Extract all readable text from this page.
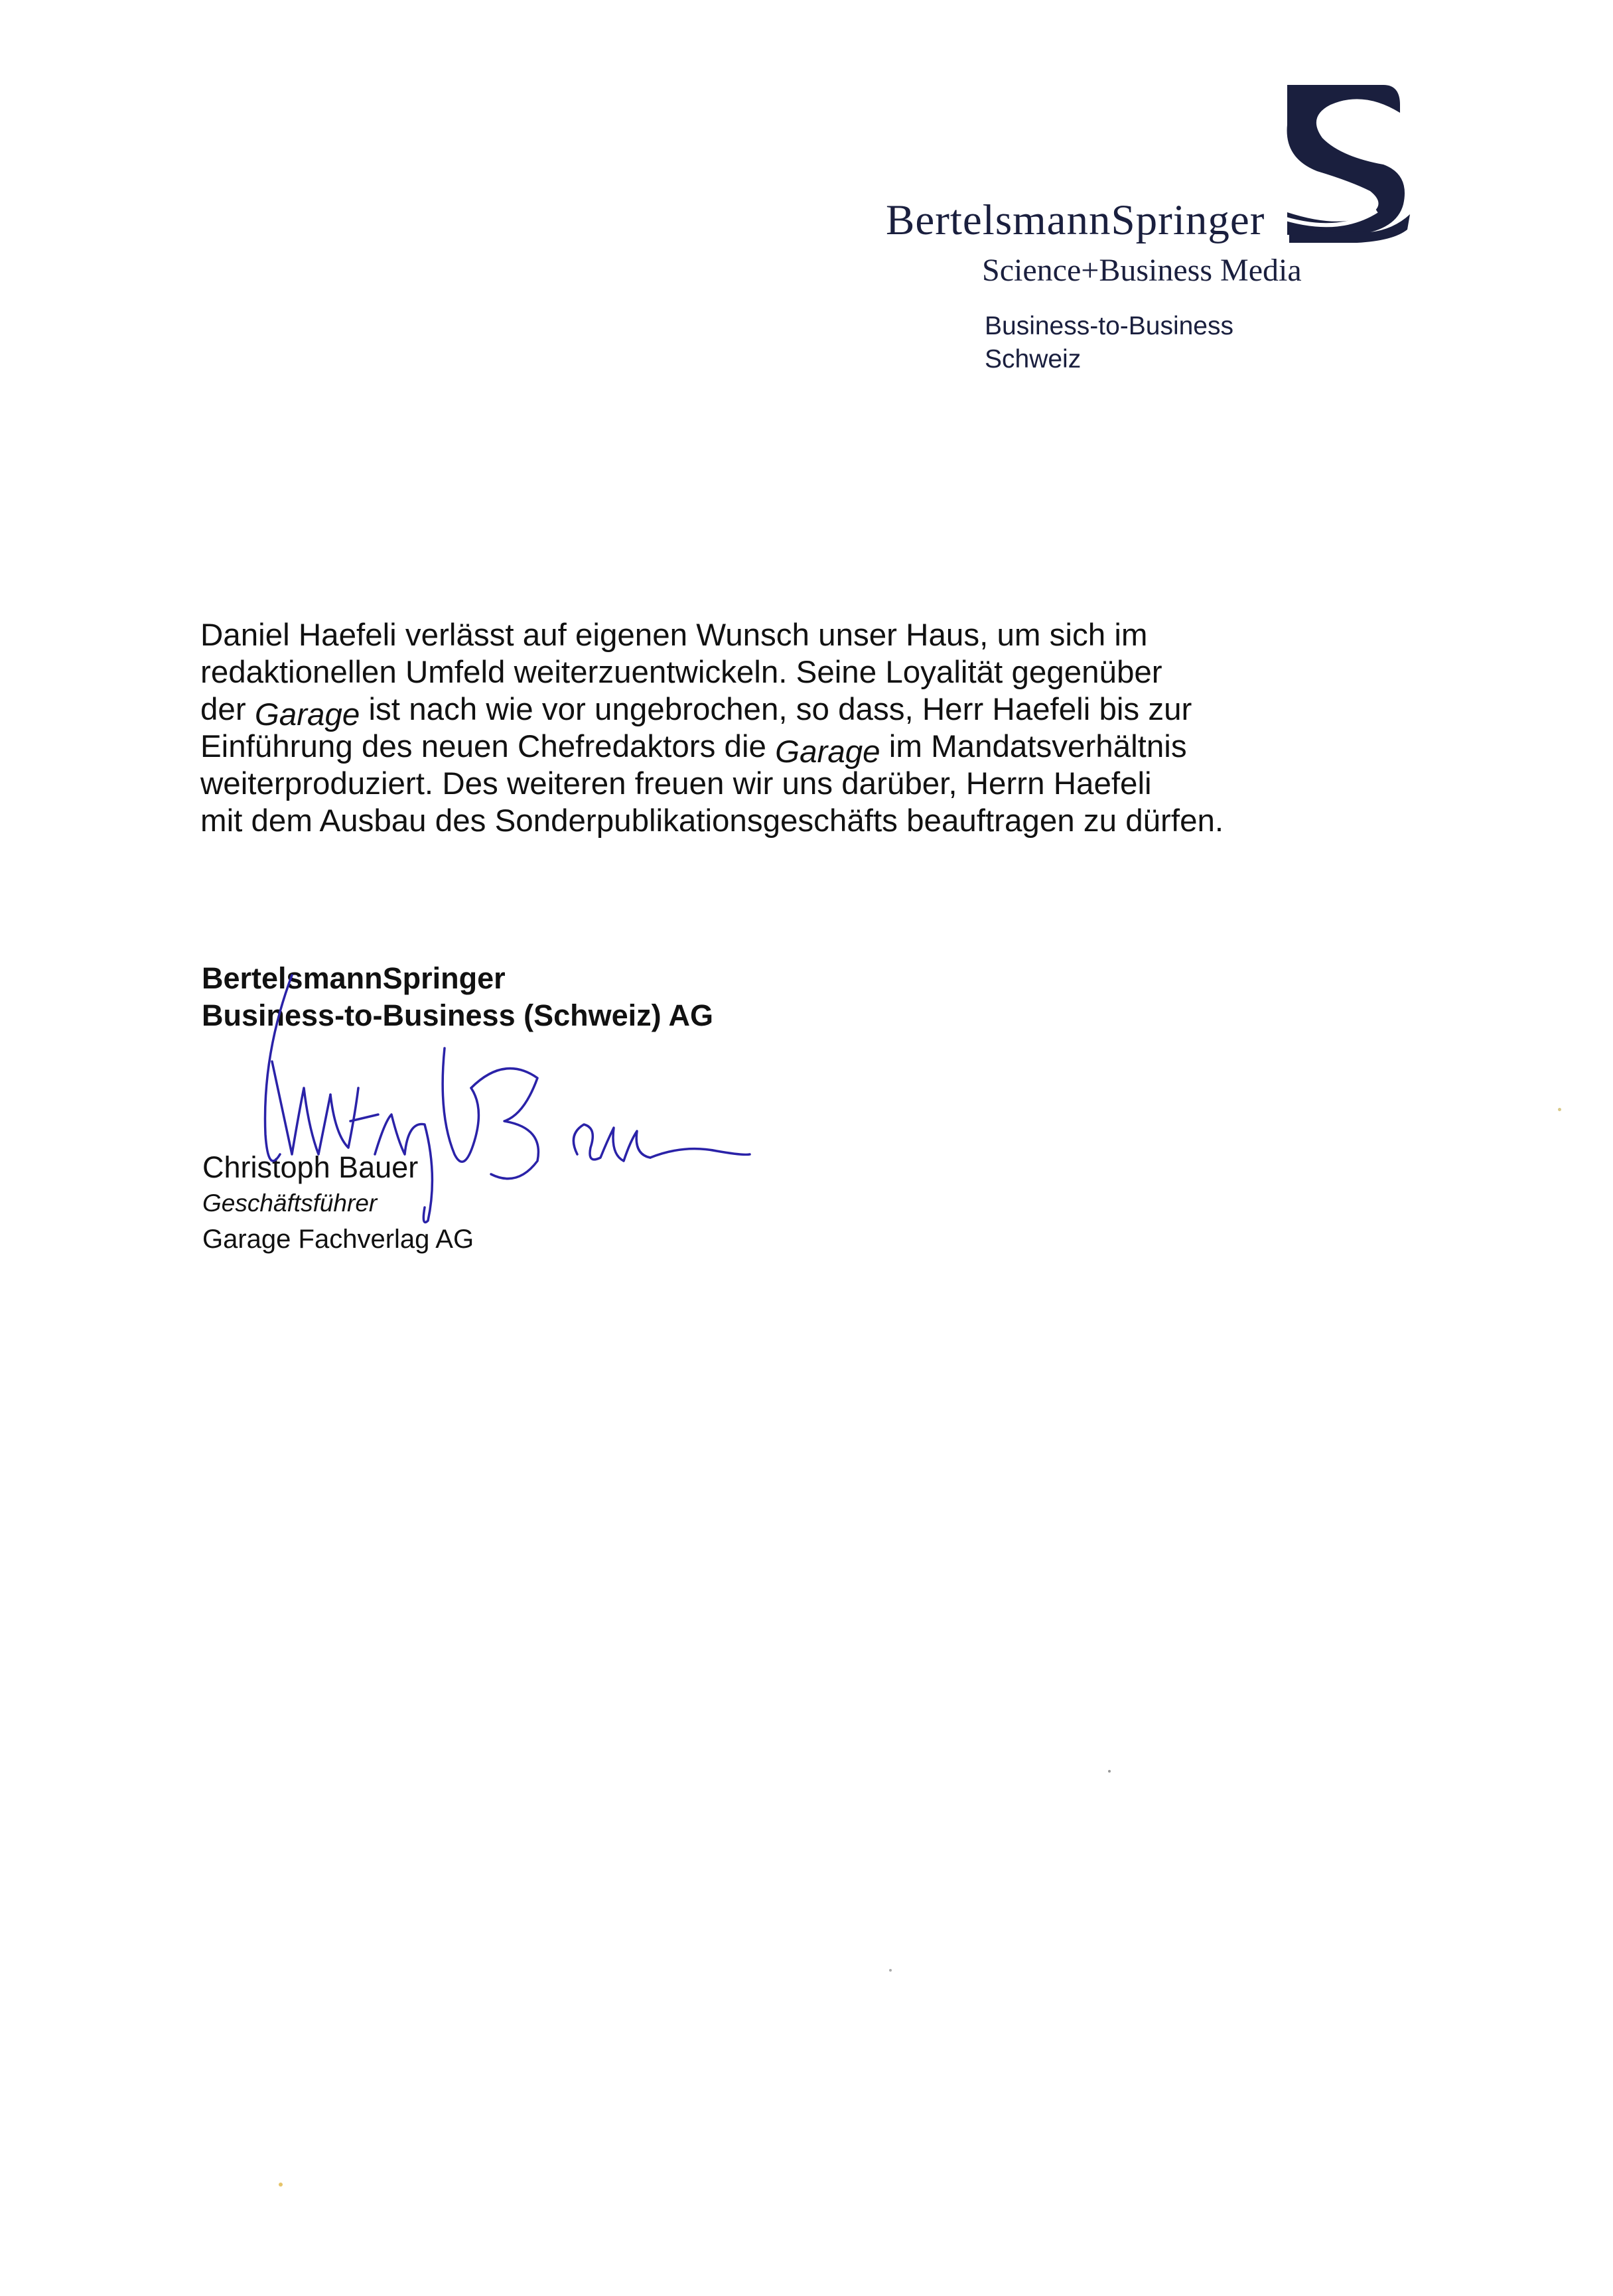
BertelsmannSpringer
Science+Business Media
Business-to-Business
Schweiz
Daniel Haefeli verlässt auf eigenen Wunsch unser Haus, um sich im
redaktionellen Umfeld weiterzuentwickeln. Seine Loyalität gegenüber
der Garage ist nach wie vor ungebrochen, so dass, Herr Haefeli bis zur
Einführung des neuen Chefredaktors die Garage im Mandatsverhältnis
weiterproduziert. Des weiteren freuen wir uns darüber, Herrn Haefeli
mit dem Ausbau des Sonderpublikationsgeschäfts beauftragen zu dürfen.
BertelsmannSpringer
Business-to-Business (Schweiz) AG
Christoph Bauer
Geschäftsführer
Garage Fachverlag AG
